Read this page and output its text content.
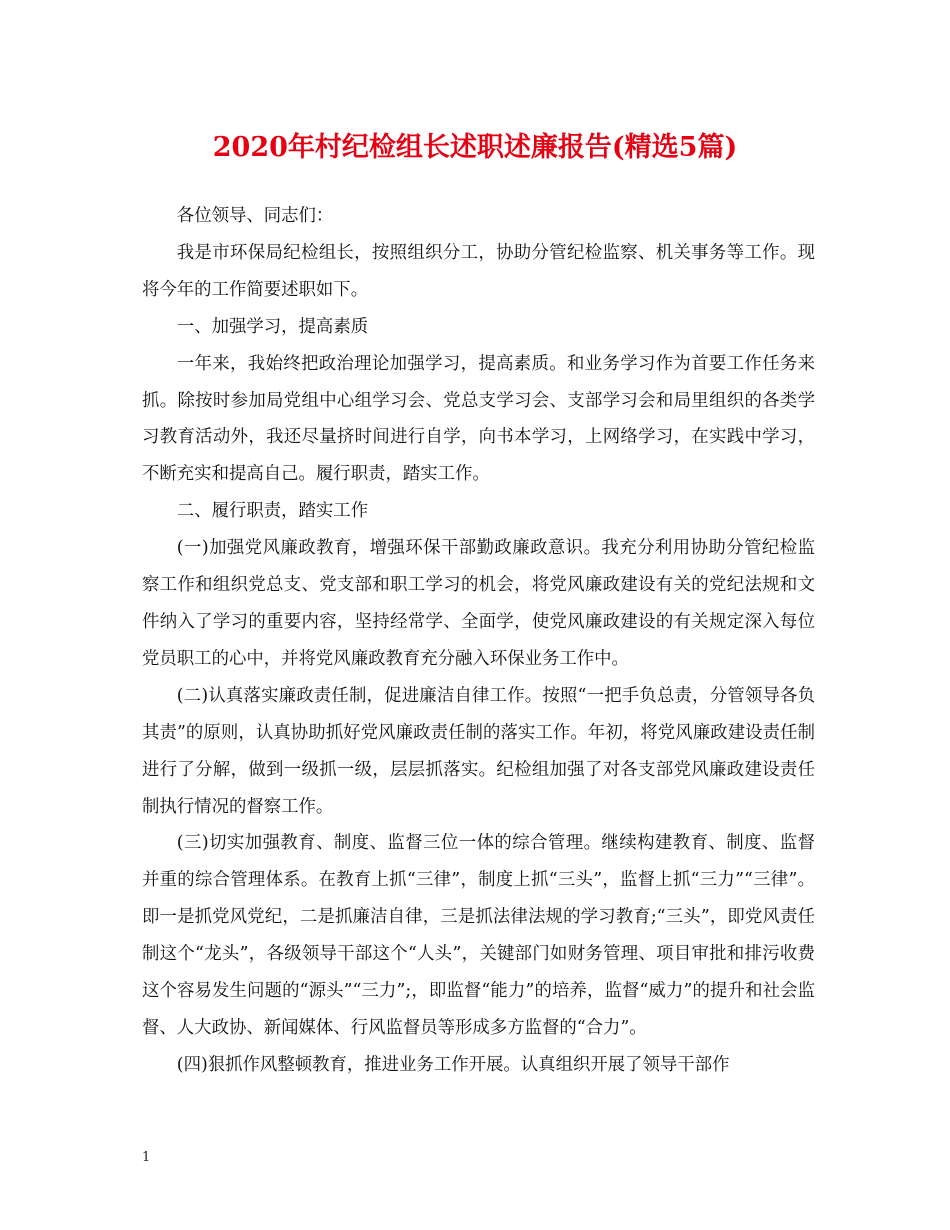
2020年村纪检组长述职述廉报告(精选5篇)

各位领导、同志们：

我是市环保局纪检组长，按照组织分工，协助分管纪检监察、机关事务等工作。现将今年的工作简要述职如下。

一、加强学习，提高素质

一年来，我始终把政治理论加强学习，提高素质。和业务学习作为首要工作任务来抓。除按时参加局党组中心组学习会、党总支学习会、支部学习会和局里组织的各类学习教育活动外，我还尽量挤时间进行自学，向书本学习，上网络学习，在实践中学习，不断充实和提高自己。履行职责，踏实工作。

二、履行职责，踏实工作

(一)加强党风廉政教育，增强环保干部勤政廉政意识。我充分利用协助分管纪检监察工作和组织党总支、党支部和职工学习的机会，将党风廉政建设有关的党纪法规和文件纳入了学习的重要内容，坚持经常学、全面学，使党风廉政建设的有关规定深入每位党员职工的心中，并将党风廉政教育充分融入环保业务工作中。

(二)认真落实廉政责任制，促进廉洁自律工作。按照“一把手负总责，分管领导各负其责”的原则，认真协助抓好党风廉政责任制的落实工作。年初，将党风廉政建设责任制进行了分解，做到一级抓一级，层层抓落实。纪检组加强了对各支部党风廉政建设责任制执行情况的督察工作。

(三)切实加强教育、制度、监督三位一体的综合管理。继续构建教育、制度、监督并重的综合管理体系。在教育上抓“三律”，制度上抓“三头”，监督上抓“三力”“三律”。即一是抓党风党纪，二是抓廉洁自律，三是抓法律法规的学习教育;“三头”，即党风责任制这个“龙头”，各级领导干部这个“人头”，关键部门如财务管理、项目审批和排污收费这个容易发生问题的“源头”“三力”;，即监督“能力”的培养，监督“威力”的提升和社会监督、人大政协、新闻媒体、行风监督员等形成多方监督的“合力”。

(四)狠抓作风整顿教育，推进业务工作开展。认真组织开展了领导干部作

1
